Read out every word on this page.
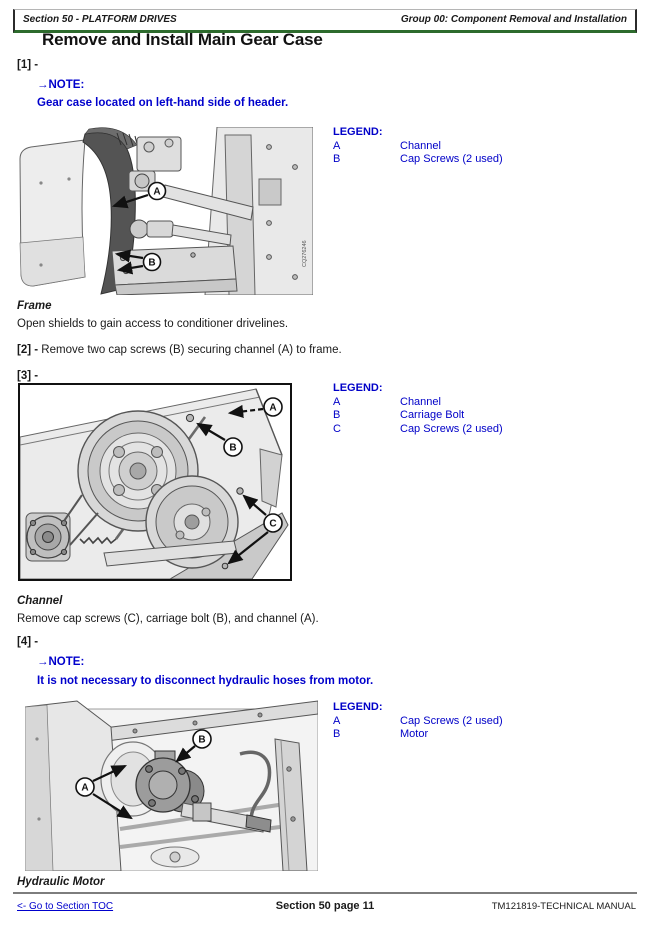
Section 50 - PLATFORM DRIVES	Group 00: Component Removal and Installation
Remove and Install Main Gear Case
[1] -
→NOTE:
Gear case located on left-hand side of header.
A
B	CQ276246
LEGEND:
A	Channel
B	Cap Screws (2 used)
Frame
Open shields to gain access to conditioner drivelines.
[2] - Remove two cap screws (B) securing channel (A) to frame.
[3] -
A
B
C
LEGEND:
A	Channel
B	Carriage Bolt
C	Cap Screws (2 used)
Channel
Remove cap screws (C), carriage bolt (B), and channel (A).
[4] -
→NOTE:
It is not necessary to disconnect hydraulic hoses from motor.
B
A
LEGEND:
A	Cap Screws (2 used)
B	Motor
Hydraulic Motor
<- Go to Section TOC	Section 50 page 11	TM121819-TECHNICAL MANUAL
